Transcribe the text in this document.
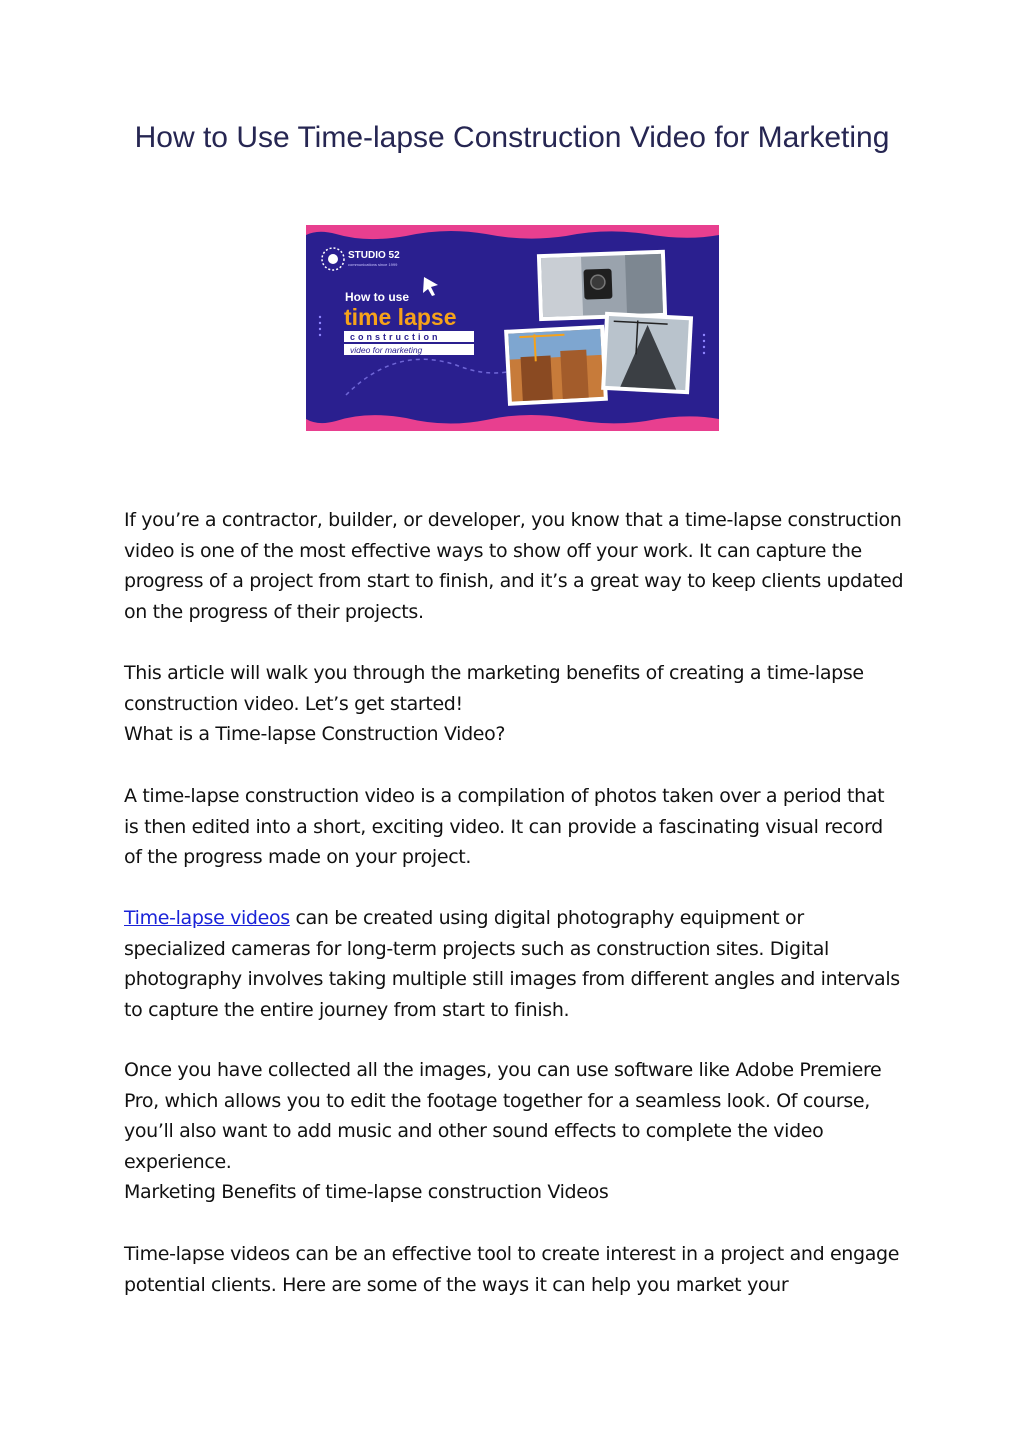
How to Use Time-lapse Construction Video for Marketing
STUDIO 52
communications since 1999
How to use
time lapse
construction
video for marketing

If you’re a contractor, builder, or developer, you know that a time-lapse construction video is one of the most effective ways to show off your work. It can capture the progress of a project from start to finish, and it’s a great way to keep clients updated on the progress of their projects.

This article will walk you through the marketing benefits of creating a time-lapse construction video. Let’s get started!

What is a Time-lapse Construction Video?

A time-lapse construction video is a compilation of photos taken over a period that is then edited into a short, exciting video. It can provide a fascinating visual record of the progress made on your project.

Time-lapse videos can be created using digital photography equipment or specialized cameras for long-term projects such as construction sites. Digital photography involves taking multiple still images from different angles and intervals to capture the entire journey from start to finish.

Once you have collected all the images, you can use software like Adobe Premiere Pro, which allows you to edit the footage together for a seamless look. Of course, you’ll also want to add music and other sound effects to complete the video experience.

Marketing Benefits of time-lapse construction Videos

Time-lapse videos can be an effective tool to create interest in a project and engage potential clients. Here are some of the ways it can help you market your
